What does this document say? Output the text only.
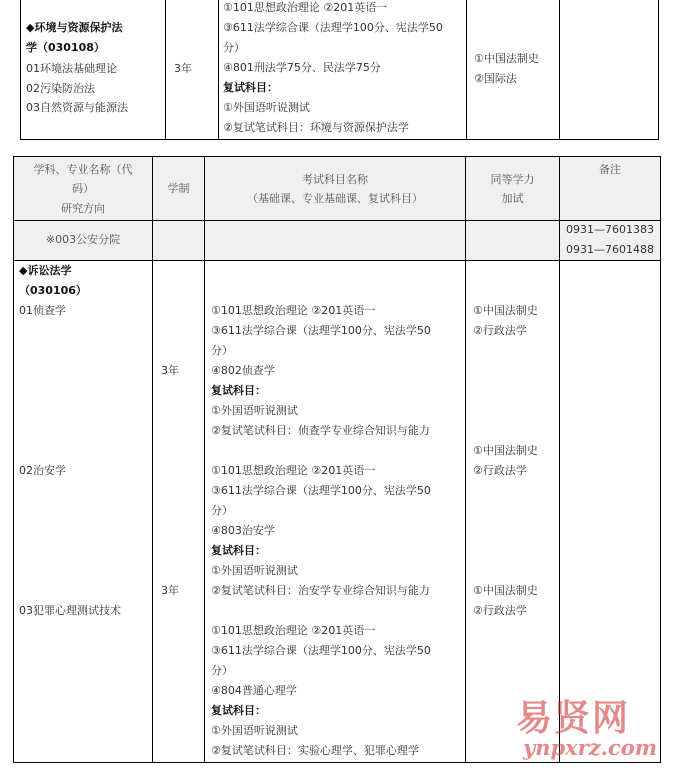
◆环境与资源保护法
学（030108）
01环境法基础理论
02污染防治法
03自然资源与能源法
3年
①101思想政治理论 ②201英语一
③611法学综合课（法理学100分、宪法学50
分）
④801刑法学75分、民法学75分
复试科目：
①外国语听说测试
②复试笔试科目：环境与资源保护法学
①中国法制史
②国际法
学科、专业名称（代
码）
研究方向
学制
考试科目名称
（基础课、专业基础课、复试科目）
同等学力
加试
备注
※003公安分院
0931—7601383
0931—7601488
◆诉讼法学
（030106）
01侦查学
02治安学
03犯罪心理测试技术
3年
3年
①101思想政治理论 ②201英语一
③611法学综合课（法理学100分、宪法学50
分）
④802侦查学
复试科目：
①外国语听说测试
②复试笔试科目：侦查学专业综合知识与能力
①101思想政治理论 ②201英语一
③611法学综合课（法理学100分、宪法学50
分）
④803治安学
复试科目：
①外国语听说测试
②复试笔试科目：治安学专业综合知识与能力
①101思想政治理论 ②201英语一
③611法学综合课（法理学100分、宪法学50
分）
④804普通心理学
复试科目：
①外国语听说测试
②复试笔试科目：实验心理学、犯罪心理学
①中国法制史
②行政法学
①中国法制史
②行政法学
①中国法制史
②行政法学
易贤网
ynpxrz.com
